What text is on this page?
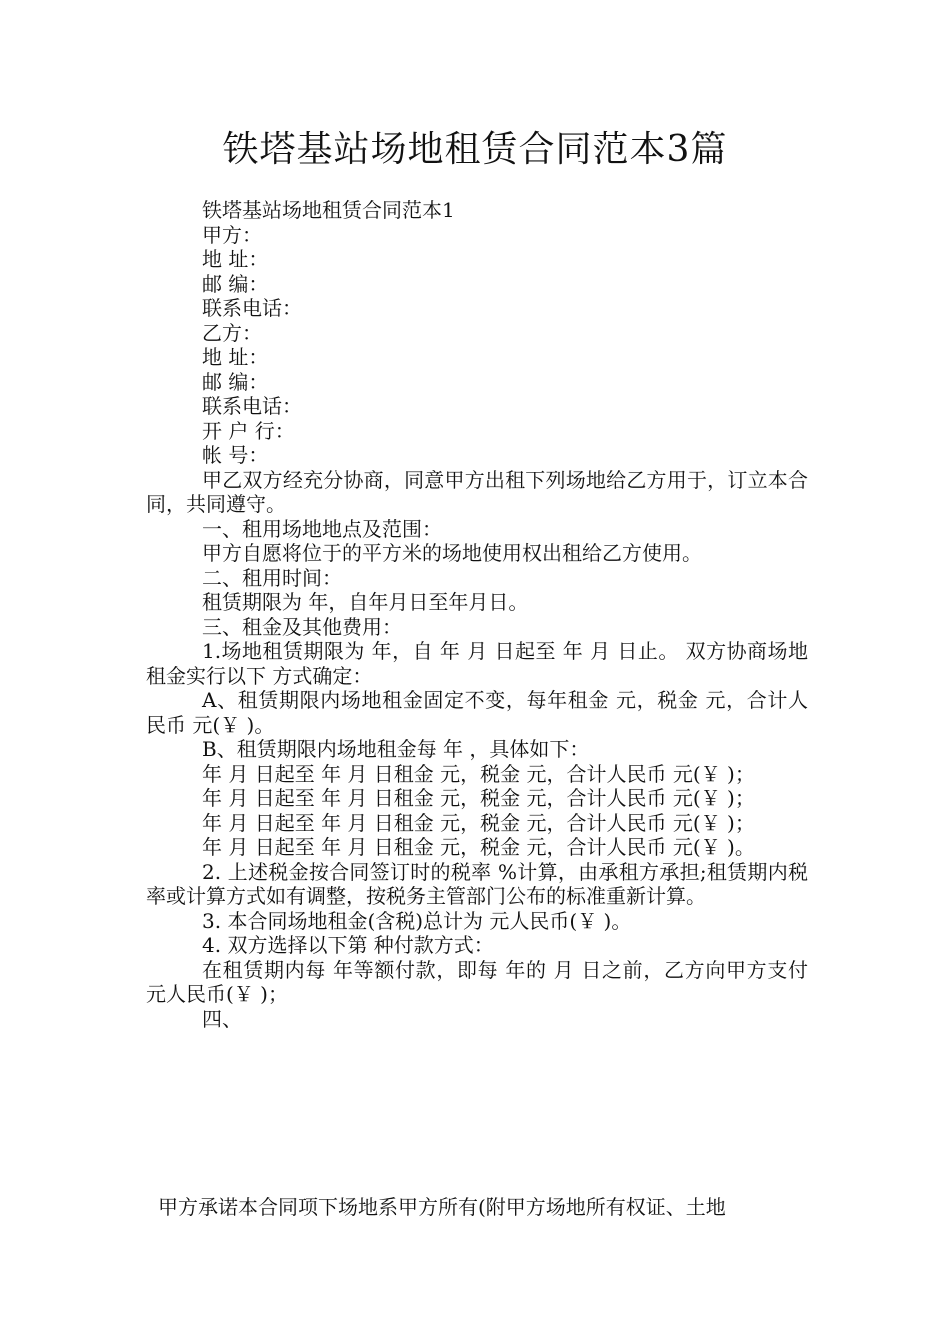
铁塔基站场地租赁合同范本3篇

铁塔基站场地租赁合同范本1

甲方：

地 址：

邮 编：

联系电话：

乙方：

地 址：

邮 编：

联系电话：

开 户 行：

帐 号：

甲乙双方经充分协商，同意甲方出租下列场地给乙方用于，订立本合同，共同遵守。

一、租用场地地点及范围：

甲方自愿将位于的平方米的场地使用权出租给乙方使用。

二、租用时间：

租赁期限为 年，自年月日至年月日。

三、租金及其他费用：

1.场地租赁期限为 年，自 年 月 日起至 年 月 日止。 双方协商场地租金实行以下 方式确定：

A、租赁期限内场地租金固定不变，每年租金 元，税金 元，合计人民币 元(￥ )。

B、租赁期限内场地租金每 年 ，具体如下：

年 月 日起至 年 月 日租金 元，税金 元，合计人民币 元(￥ )；

年 月 日起至 年 月 日租金 元，税金 元，合计人民币 元(￥ )；

年 月 日起至 年 月 日租金 元，税金 元，合计人民币 元(￥ )；

年 月 日起至 年 月 日租金 元，税金 元，合计人民币 元(￥ )。

2. 上述税金按合同签订时的税率 %计算，由承租方承担;租赁期内税率或计算方式如有调整，按税务主管部门公布的标准重新计算。

3. 本合同场地租金(含税)总计为 元人民币(￥ )。

4. 双方选择以下第 种付款方式：

在租赁期内每 年等额付款，即每 年的 月 日之前，乙方向甲方支付 元人民币(￥ )；

四、

甲方承诺本合同项下场地系甲方所有(附甲方场地所有权证、土地
